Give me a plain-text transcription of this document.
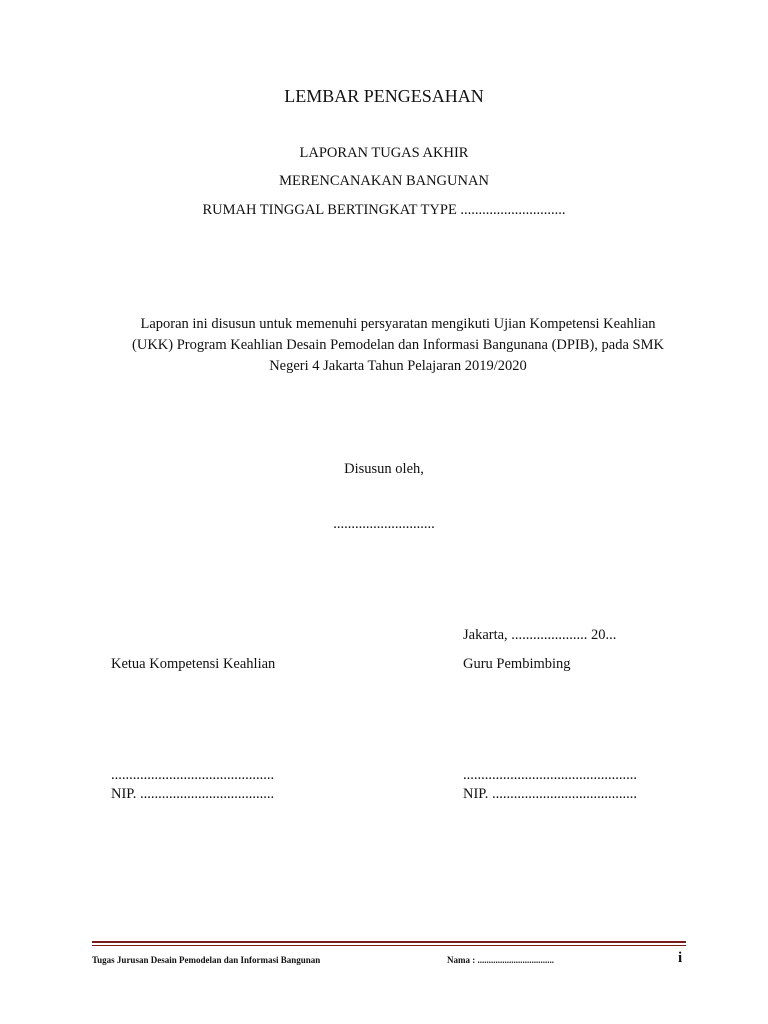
LEMBAR PENGESAHAN
LAPORAN TUGAS AKHIR
MERENCANAKAN BANGUNAN
RUMAH TINGGAL BERTINGKAT TYPE .............................
Laporan ini disusun untuk memenuhi persyaratan mengikuti Ujian Kompetensi Keahlian
(UKK) Program Keahlian Desain Pemodelan dan Informasi Bangunana (DPIB), pada SMK
Negeri 4 Jakarta Tahun Pelajaran 2019/2020
Disusun oleh,
............................
Jakarta, ..................... 20...
Ketua Kompetensi Keahlian	Guru Pembimbing
.............................................	................................................
NIP. .....................................	NIP. ........................................
Tugas Jurusan Desain Pemodelan dan Informasi Bangunan	Nama : ..................................	i
